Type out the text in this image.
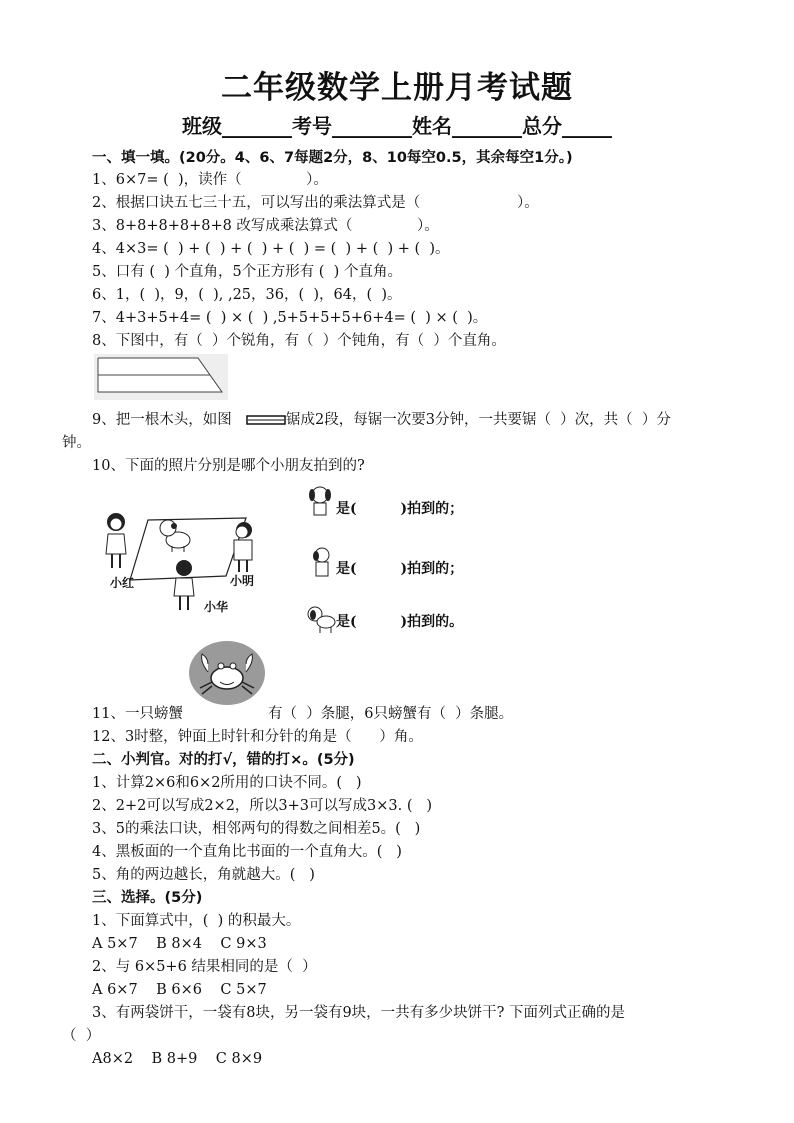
二年级数学上册月考试题
班级_______考号________姓名_______总分_____
一、填一填。(20分。4、6、7每题2分，8、10每空0.5，其余每空1分。)
1、6×7= (  )，读作（              ）。
2、根据口诀五七三十五，可以写出的乘法算式是（                     ）。
3、8+8+8+8+8+8 改写成乘法算式（              ）。
4、4×3= (  ) + (  ) + (  ) + (  ) = (  ) + (  ) + (  )。
5、口有 (  ) 个直角，5个正方形有 (  ) 个直角。
6、1，(  )，9，(  ), ,25，36，(  )，64，(  )。
7、4+3+5+4= (  ) × (  ) ,5+5+5+5+6+4= (  ) × (  )。
8、下图中，有（  ）个锐角，有（  ）个钝角，有（  ）个直角。
9、把一根木头，如图	锯成2段，每锯一次要3分钟，一共要锯（  ）次，共（  ）分
钟。
10、下面的照片分别是哪个小朋友拍到的?
小红	小明
小华
是(         )拍到的；
是(         )拍到的；
是(         )拍到的。
11、一只螃蟹	有（  ）条腿，6只螃蟹有（  ）条腿。
12、3时整，钟面上时针和分针的角是（      ）角。
二、小判官。对的打√，错的打×。(5分)
1、计算2×6和6×2所用的口诀不同。(   )
2、2+2可以写成2×2，所以3+3可以写成3×3. (   )
3、5的乘法口诀，相邻两句的得数之间相差5。(   )
4、黑板面的一个直角比书面的一个直角大。(   )
5、角的两边越长，角就越大。(   )
三、选择。(5分)
1、下面算式中，(  ) 的积最大。
A 5×7    B 8×4    C 9×3
2、与 6×5+6 结果相同的是（  ）
A 6×7    B 6×6    C 5×7
3、有两袋饼干，一袋有8块，另一袋有9块，一共有多少块饼干? 下面列式正确的是
（  ）
A8×2    B 8+9    C 8×9
